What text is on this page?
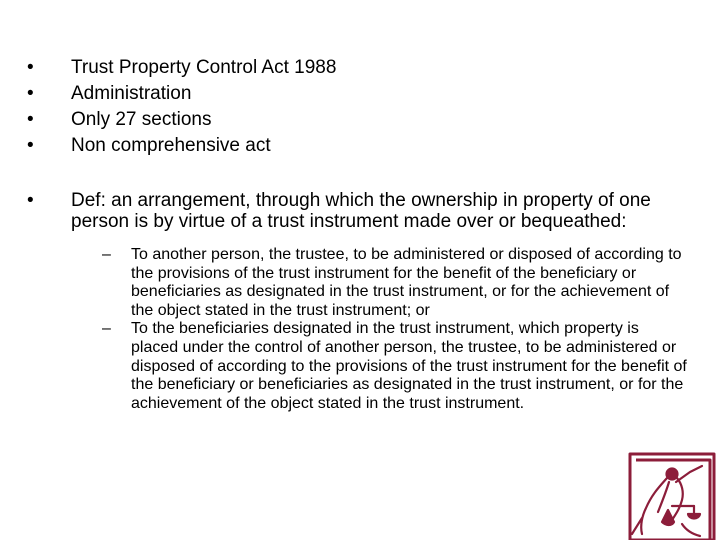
• Trust Property Control Act 1988
• Administration
• Only 27 sections
• Non comprehensive act
• Def: an arrangement, through which the ownership in property of one person is by virtue of a trust instrument made over or bequeathed:
– To another person, the trustee, to be administered or disposed of according to the provisions of the trust instrument for the benefit of the beneficiary or beneficiaries as designated in the trust instrument, or for the achievement of the object stated in the trust instrument; or
– To the beneficiaries designated in the trust instrument, which property is placed under the control of another person, the trustee, to be administered or disposed of according to the provisions of the trust instrument for the benefit of the beneficiary or beneficiaries as designated in the trust instrument, or for the achievement of the object stated in the trust instrument.
